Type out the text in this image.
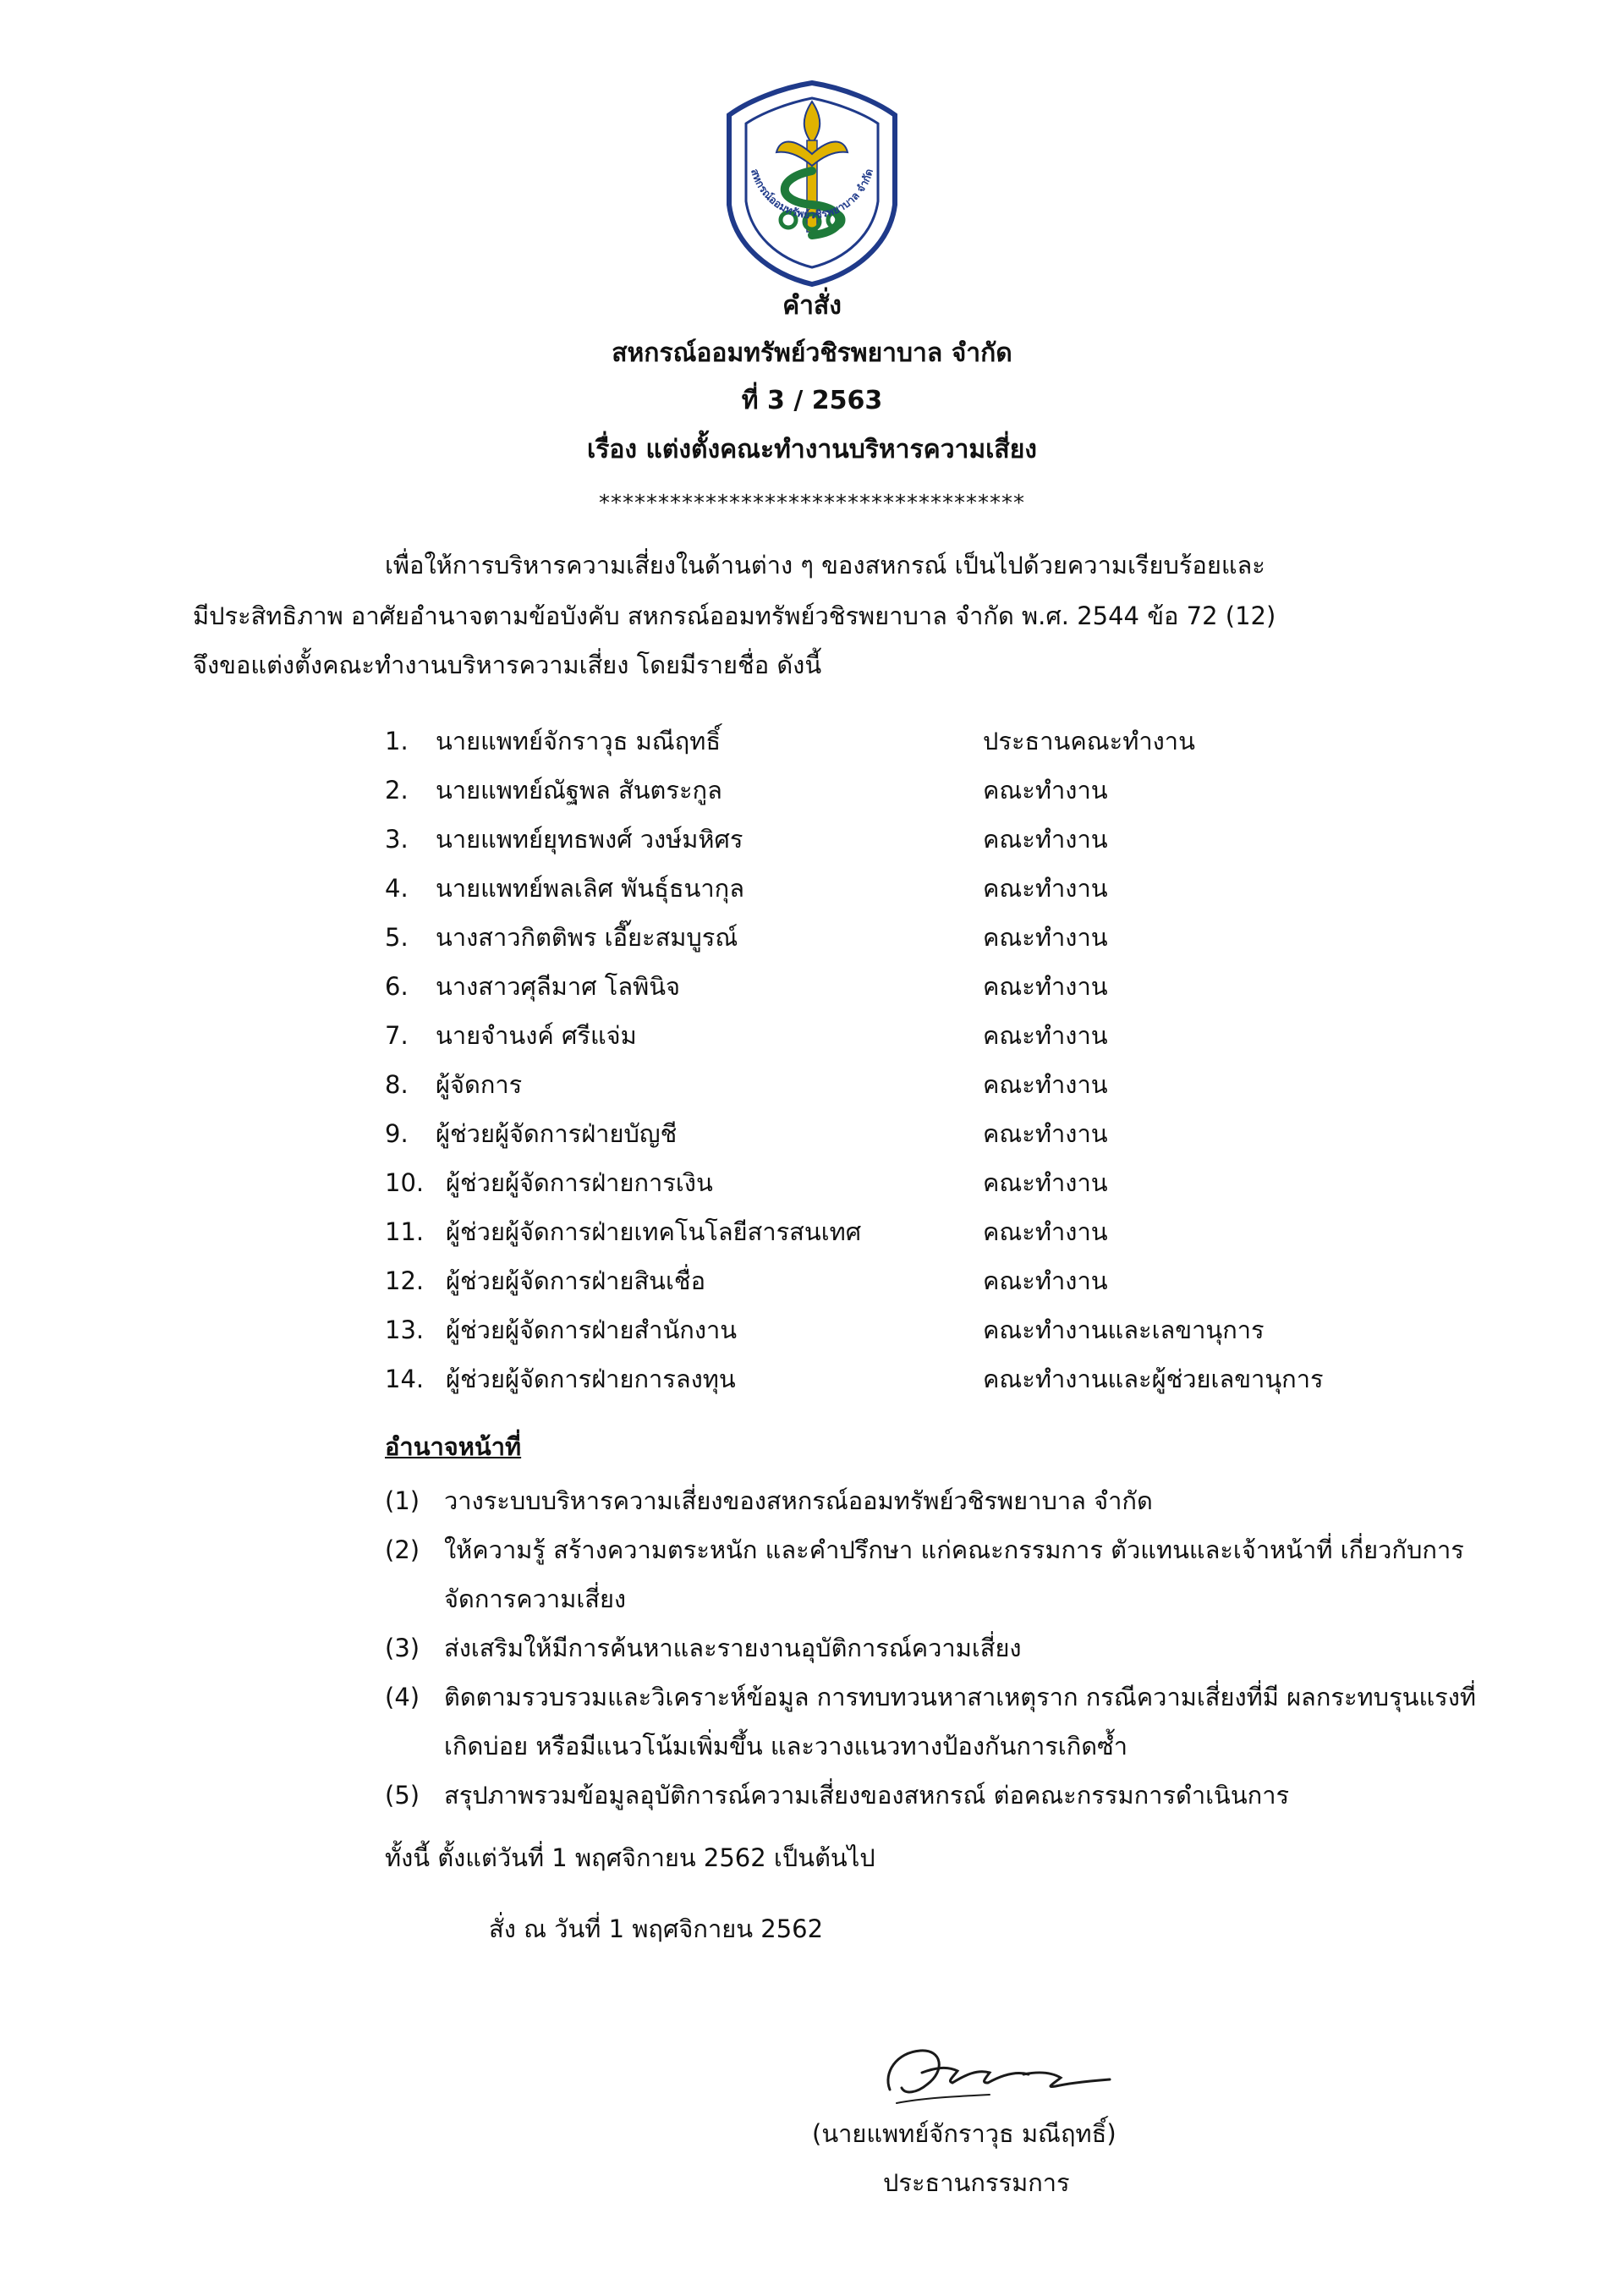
สหกรณ์ออมทรัพย์วชิรพยาบาล จำกัด
คำสั่ง
สหกรณ์ออมทรัพย์วชิรพยาบาล จำกัด
ที่ 3 / 2563
เรื่อง แต่งตั้งคณะทำงานบริหารความเสี่ยง
************************************
เพื่อให้การบริหารความเสี่ยงในด้านต่าง ๆ ของสหกรณ์ เป็นไปด้วยความเรียบร้อยและ
มีประสิทธิภาพ อาศัยอำนาจตามข้อบังคับ สหกรณ์ออมทรัพย์วชิรพยาบาล จำกัด พ.ศ. 2544 ข้อ 72 (12)
จึงขอแต่งตั้งคณะทำงานบริหารความเสี่ยง โดยมีรายชื่อ ดังนี้
1. นายแพทย์จักราวุธ มณีฤทธิ์	ประธานคณะทำงาน
2. นายแพทย์ณัฐพล สันตระกูล	คณะทำงาน
3. นายแพทย์ยุทธพงศ์ วงษ์มหิศร	คณะทำงาน
4. นายแพทย์พลเลิศ พันธุ์ธนากุล	คณะทำงาน
5. นางสาวกิตติพร เอี๊ยะสมบูรณ์	คณะทำงาน
6. นางสาวศุลีมาศ โลพินิจ	คณะทำงาน
7. นายจำนงค์ ศรีแจ่ม	คณะทำงาน
8. ผู้จัดการ	คณะทำงาน
9. ผู้ช่วยผู้จัดการฝ่ายบัญชี	คณะทำงาน
10. ผู้ช่วยผู้จัดการฝ่ายการเงิน	คณะทำงาน
11. ผู้ช่วยผู้จัดการฝ่ายเทคโนโลยีสารสนเทศ	คณะทำงาน
12. ผู้ช่วยผู้จัดการฝ่ายสินเชื่อ	คณะทำงาน
13. ผู้ช่วยผู้จัดการฝ่ายสำนักงาน	คณะทำงานและเลขานุการ
14. ผู้ช่วยผู้จัดการฝ่ายการลงทุน	คณะทำงานและผู้ช่วยเลขานุการ
อำนาจหน้าที่
(1) วางระบบบริหารความเสี่ยงของสหกรณ์ออมทรัพย์วชิรพยาบาล จำกัด
(2) ให้ความรู้ สร้างความตระหนัก และคำปรึกษา แก่คณะกรรมการ ตัวแทนและเจ้าหน้าที่ เกี่ยวกับการจัดการความเสี่ยง
(3) ส่งเสริมให้มีการค้นหาและรายงานอุบัติการณ์ความเสี่ยง
(4) ติดตามรวบรวมและวิเคราะห์ข้อมูล การทบทวนหาสาเหตุราก กรณีความเสี่ยงที่มี ผลกระทบรุนแรงที่เกิดบ่อย หรือมีแนวโน้มเพิ่มขึ้น และวางแนวทางป้องกันการเกิดซ้ำ
(5) สรุปภาพรวมข้อมูลอุบัติการณ์ความเสี่ยงของสหกรณ์ ต่อคณะกรรมการดำเนินการ
ทั้งนี้ ตั้งแต่วันที่ 1 พฤศจิกายน 2562 เป็นต้นไป
สั่ง ณ วันที่ 1 พฤศจิกายน 2562
(นายแพทย์จักราวุธ มณีฤทธิ์)
ประธานกรรมการ
